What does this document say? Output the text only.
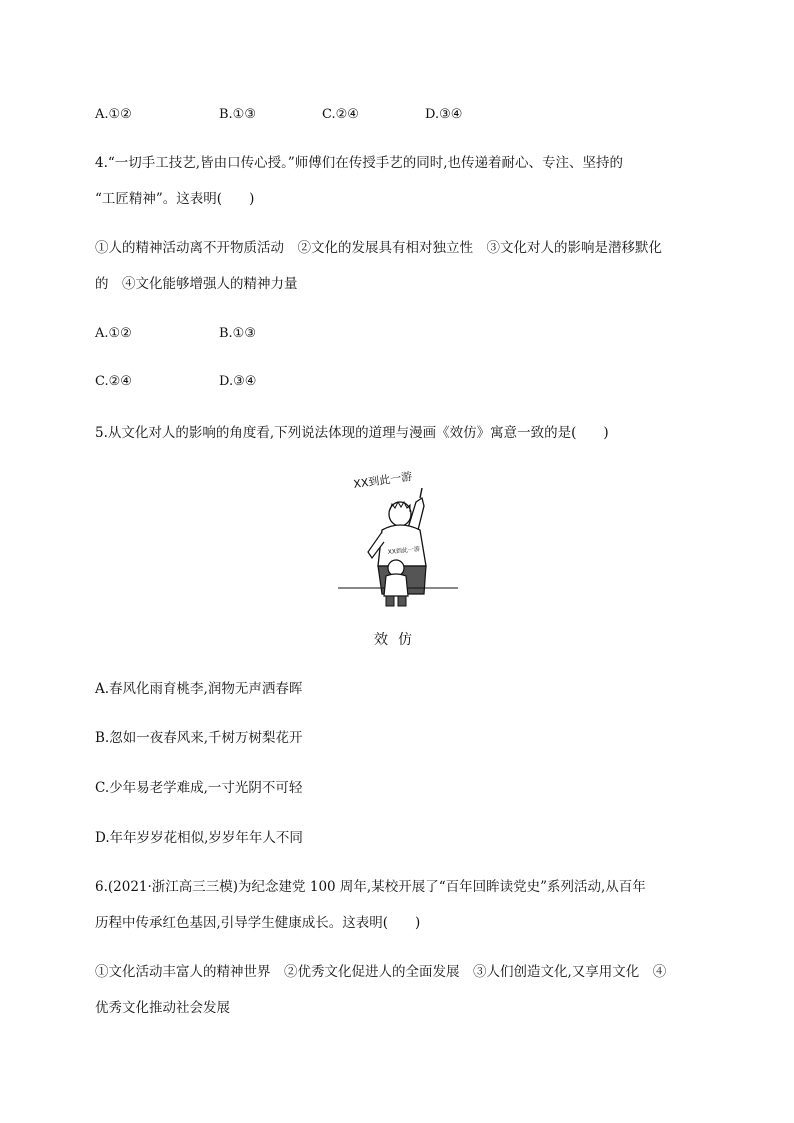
A.①②	B.①③	C.②④	D.③④
4.“一切手工技艺,皆由口传心授。”师傅们在传授手艺的同时,也传递着耐心、专注、坚持的
“工匠精神”。这表明(　　)
①人的精神活动离不开物质活动　②文化的发展具有相对独立性　③文化对人的影响是潜移默化
的　④文化能够增强人的精神力量
A.①②	B.①③
C.②④	D.③④
5.从文化对人的影响的角度看,下列说法体现的道理与漫画《效仿》寓意一致的是(　　)
XX到此一游
XX到此一游
效仿
A.春风化雨育桃李,润物无声洒春晖
B.忽如一夜春风来,千树万树梨花开
C.少年易老学难成,一寸光阴不可轻
D.年年岁岁花相似,岁岁年年人不同
6.(2021·浙江高三三模)为纪念建党 100 周年,某校开展了“百年回眸读党史”系列活动,从百年
历程中传承红色基因,引导学生健康成长。这表明(　　)
①文化活动丰富人的精神世界　②优秀文化促进人的全面发展　③人们创造文化,又享用文化　④
优秀文化推动社会发展
